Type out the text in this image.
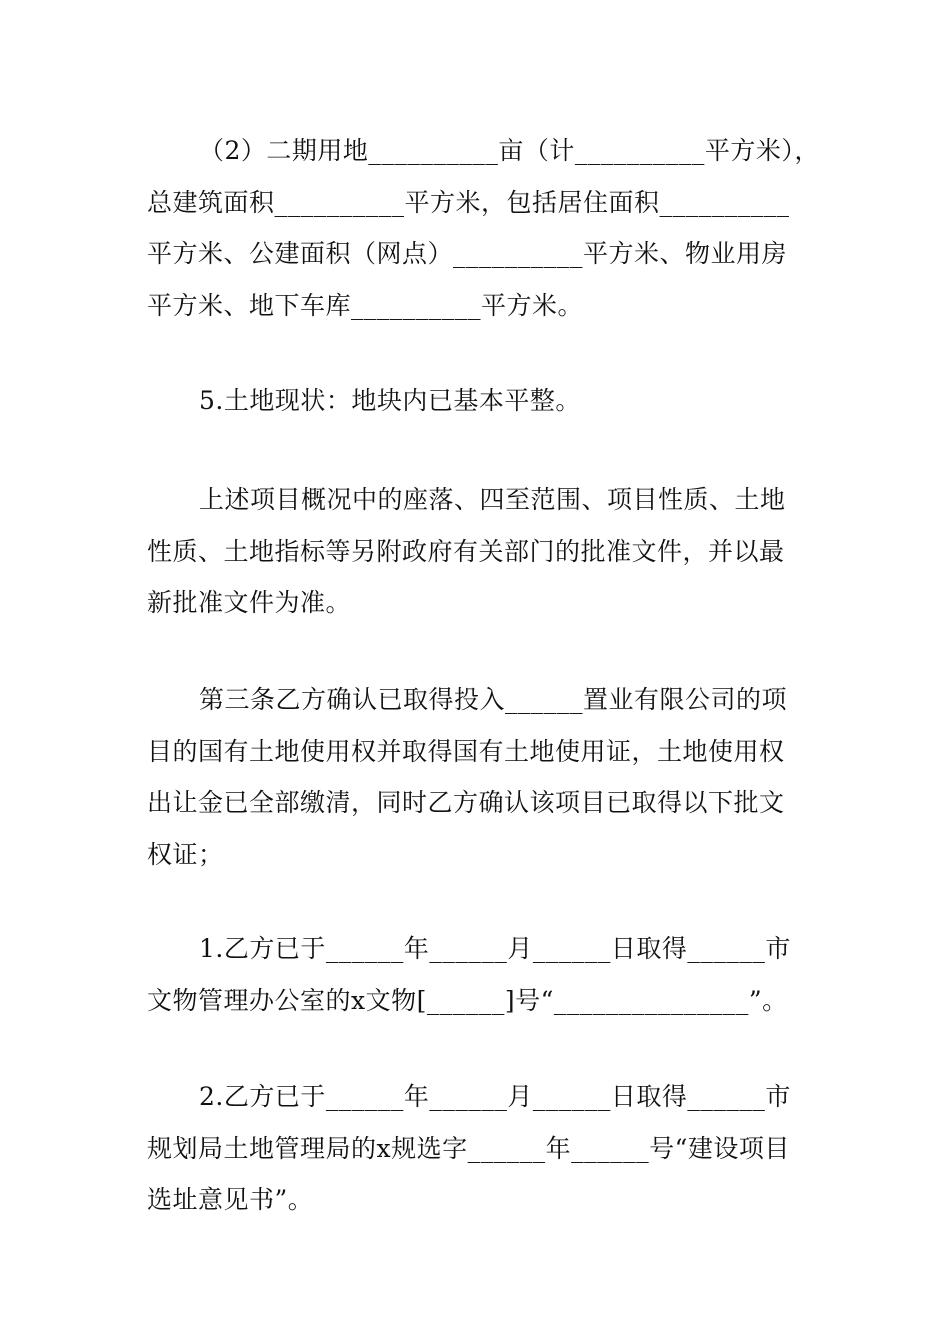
（2）二期用地__________亩（计__________平方米），
总建筑面积__________平方米，包括居住面积__________
平方米、公建面积（网点）__________平方米、物业用房
平方米、地下车库__________平方米。

5.土地现状：地块内已基本平整。

上述项目概况中的座落、四至范围、项目性质、土地
性质、土地指标等另附政府有关部门的批准文件，并以最
新批准文件为准。

第三条乙方确认已取得投入______置业有限公司的项
目的国有土地使用权并取得国有土地使用证，土地使用权
出让金已全部缴清，同时乙方确认该项目已取得以下批文
权证；

1.乙方已于______年______月______日取得______市
文物管理办公室的x文物[______]号“_______________”。

2.乙方已于______年______月______日取得______市
规划局土地管理局的x规选字______年______号“建设项目
选址意见书”。
